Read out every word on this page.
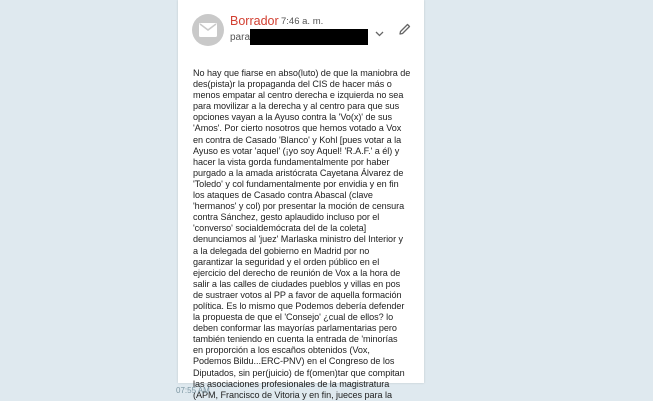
Borrador 7:46 a. m.
para
No hay que fiarse en abso(luto) de que la maniobra de
des(pista)r la propaganda del CIS de hacer más o
menos empatar al centro derecha e izquierda no sea
para movilizar a la derecha y al centro para que sus
opciones vayan a la Ayuso contra la 'Vo(x)' de sus
'Amos'. Por cierto nosotros que hemos votado a Vox
en contra de Casado 'Blanco' y Kohl [pues votar a la
Ayuso es votar 'aquel' (¡yo soy Aquel! 'R.A.F.' a él) y
hacer la vista gorda fundamentalmente por haber
purgado a la amada aristócrata Cayetana Álvarez de
'Toledo' y col fundamentalmente por envidia y en fin
los ataques de Casado contra Abascal (clave
'hermanos' y col) por presentar la moción de censura
contra Sánchez, gesto aplaudido incluso por el
'converso' socialdemócrata del de la coleta]
denunciamos al 'juez' Marlaska ministro del Interior y
a la delegada del gobierno en Madrid por no
garantizar la seguridad y el orden público en el
ejercicio del derecho de reunión de Vox a la hora de
salir a las calles de ciudades pueblos y villas en pos
de sustraer votos al PP a favor de aquella formación
política. Es lo mismo que Podemos debería defender
la propuesta de que el 'Consejo' ¿cual de ellos? lo
deben conformar las mayorías parlamentarias pero
también teniendo en cuenta la entrada de 'minorías
en proporción a los escaños obtenidos (Vox,
Podemos Bildu...ERC-PNV) en el Congreso de los
Diputados, sin per(juicio) de f(omen)tar que compitan
las asociaciones profesionales de la magistratura
(APM, Francisco de Vitoria y en fin, jueces para la
07:55 AM
